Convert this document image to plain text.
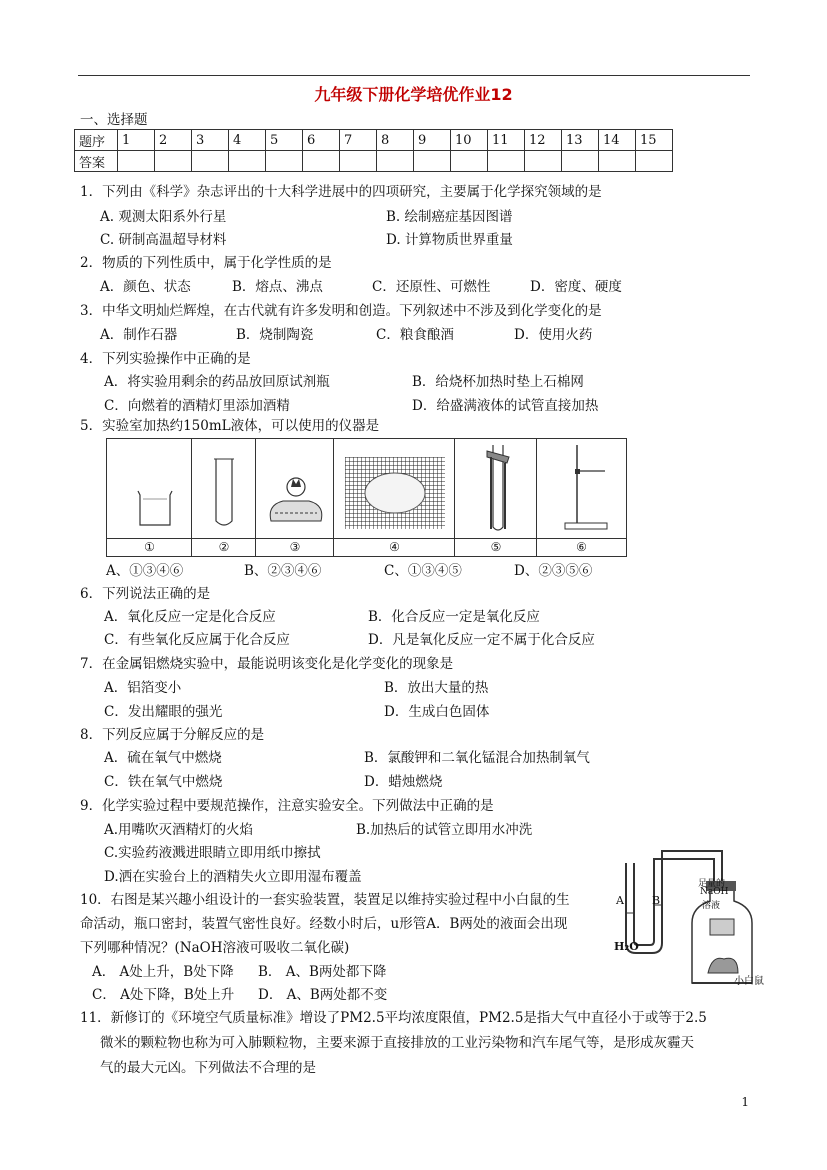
九年级下册化学培优作业12
一、选择题
题序	1	2	3	4	5	6	7	8	9	10	11	12	13	14	15
答案															
1．下列由《科学》杂志评出的十大科学进展中的四项研究，主要属于化学探究领域的是
A. 观测太阳系外行星	B. 绘制癌症基因图谱
C. 研制高温超导材料	D. 计算物质世界重量
2．物质的下列性质中，属于化学性质的是
A．颜色、状态	B．熔点、沸点	C．还原性、可燃性	D．密度、硬度
3．中华文明灿烂辉煌，在古代就有许多发明和创造。下列叙述中不涉及到化学变化的是
A．制作石器	B．烧制陶瓷	C．粮食酿酒	D．使用火药
4．下列实验操作中正确的是
A．将实验用剩余的药品放回原试剂瓶	B．给烧杯加热时垫上石棉网
C．向燃着的酒精灯里添加酒精	D．给盛满液体的试管直接加热
5．实验室加热约150mL液体，可以使用的仪器是
①	②	③	④	⑤	⑥
A、①③④⑥	B、②③④⑥	C、①③④⑤	D、②③⑤⑥
6．下列说法正确的是
A．氧化反应一定是化合反应	B．化合反应一定是氧化反应
C．有些氧化反应属于化合反应	D．凡是氧化反应一定不属于化合反应
7．在金属铝燃烧实验中，最能说明该变化是化学变化的现象是
A．铝箔变小	B．放出大量的热
C．发出耀眼的强光	D．生成白色固体
8．下列反应属于分解反应的是
A．硫在氧气中燃烧	B．氯酸钾和二氧化锰混合加热制氧气
C．铁在氧气中燃烧	D．蜡烛燃烧
9．化学实验过程中要规范操作，注意实验安全。下列做法中正确的是
A.用嘴吹灭酒精灯的火焰	B.加热后的试管立即用水冲洗
C.实验药液溅进眼睛立即用纸巾擦拭
D.洒在实验台上的酒精失火立即用湿布覆盖
10．右图是某兴趣小组设计的一套实验装置，装置足以维持实验过程中小白鼠的生
命活动，瓶口密封，装置气密性良好。经数小时后，u形管A．B两处的液面会出现
下列哪种情况？(NaOH溶液可吸收二氧化碳)
A． A处上升，B处下降 B． A、B两处都下降
C． A处下降，B处上升 D． A、B两处都不变
A	B
H₂O
足量的
NaOH
溶液
小白鼠
11．新修订的《环境空气质量标准》增设了PM2.5平均浓度限值，PM2.5是指大气中直径小于或等于2.5
微米的颗粒物也称为可入肺颗粒物，主要来源于直接排放的工业污染物和汽车尾气等，是形成灰霾天
气的最大元凶。下列做法不合理的是
1
